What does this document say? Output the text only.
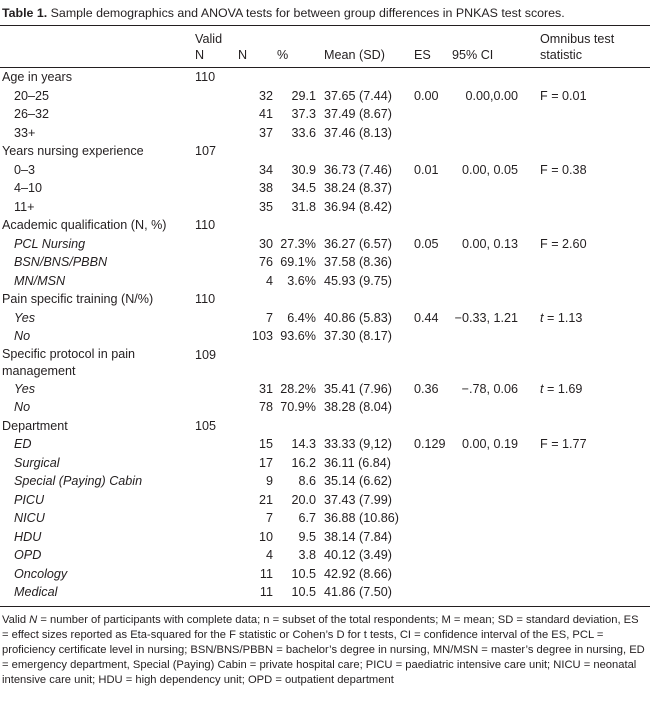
Table 1. Sample demographics and ANOVA tests for between group differences in PNKAS test scores.

	Valid						Omnibus test
	N	N	%	Mean (SD)	ES	95% CI	statistic

Age in years	110						
20–25		32	29.1	37.65 (7.44)	0.00	0.00,0.00	F = 0.01
26–32		41	37.3	37.49 (8.67)			
33+		37	33.6	37.46 (8.13)			
Years nursing experience	107						
0–3		34	30.9	36.73 (7.46)	0.01	0.00, 0.05	F = 0.38
4–10		38	34.5	38.24 (8.37)			
11+		35	31.8	36.94 (8.42)			
Academic qualification (N, %)	110						
PCL Nursing		30	27.3%	36.27 (6.57)	0.05	0.00, 0.13	F = 2.60
BSN/BNS/PBBN		76	69.1%	37.58 (8.36)			
MN/MSN		4	3.6%	45.93 (9.75)			
Pain specific training (N/%)	110						
Yes		7	6.4%	40.86 (5.83)	0.44	−0.33, 1.21	t = 1.13
No		103	93.6%	37.30 (8.17)			
Specific protocol in pain management	109						
Yes		31	28.2%	35.41 (7.96)	0.36	−.78, 0.06	t = 1.69
No		78	70.9%	38.28 (8.04)			
Department	105						
ED		15	14.3	33.33 (9,12)	0.129	0.00, 0.19	F = 1.77
Surgical		17	16.2	36.11 (6.84)			
Special (Paying) Cabin		9	8.6	35.14 (6.62)			
PICU		21	20.0	37.43 (7.99)			
NICU		7	6.7	36.88 (10.86)			
HDU		10	9.5	38.14 (7.84)			
OPD		4	3.8	40.12 (3.49)			
Oncology		11	10.5	42.92 (8.66)			
Medical		11	10.5	41.86 (7.50)			

Valid N = number of participants with complete data; n = subset of the total respondents; M = mean; SD = standard deviation, ES = effect sizes reported as Eta-squared for the F statistic or Cohen’s D for t tests, CI = confidence interval of the ES, PCL = proficiency certificate level in nursing; BSN/BNS/PBBN = bachelor’s degree in nursing, MN/MSN = master’s degree in nursing, ED = emergency department, Special (Paying) Cabin = private hospital care; PICU = paediatric intensive care unit; NICU = neonatal intensive care unit; HDU = high dependency unit; OPD = outpatient department
